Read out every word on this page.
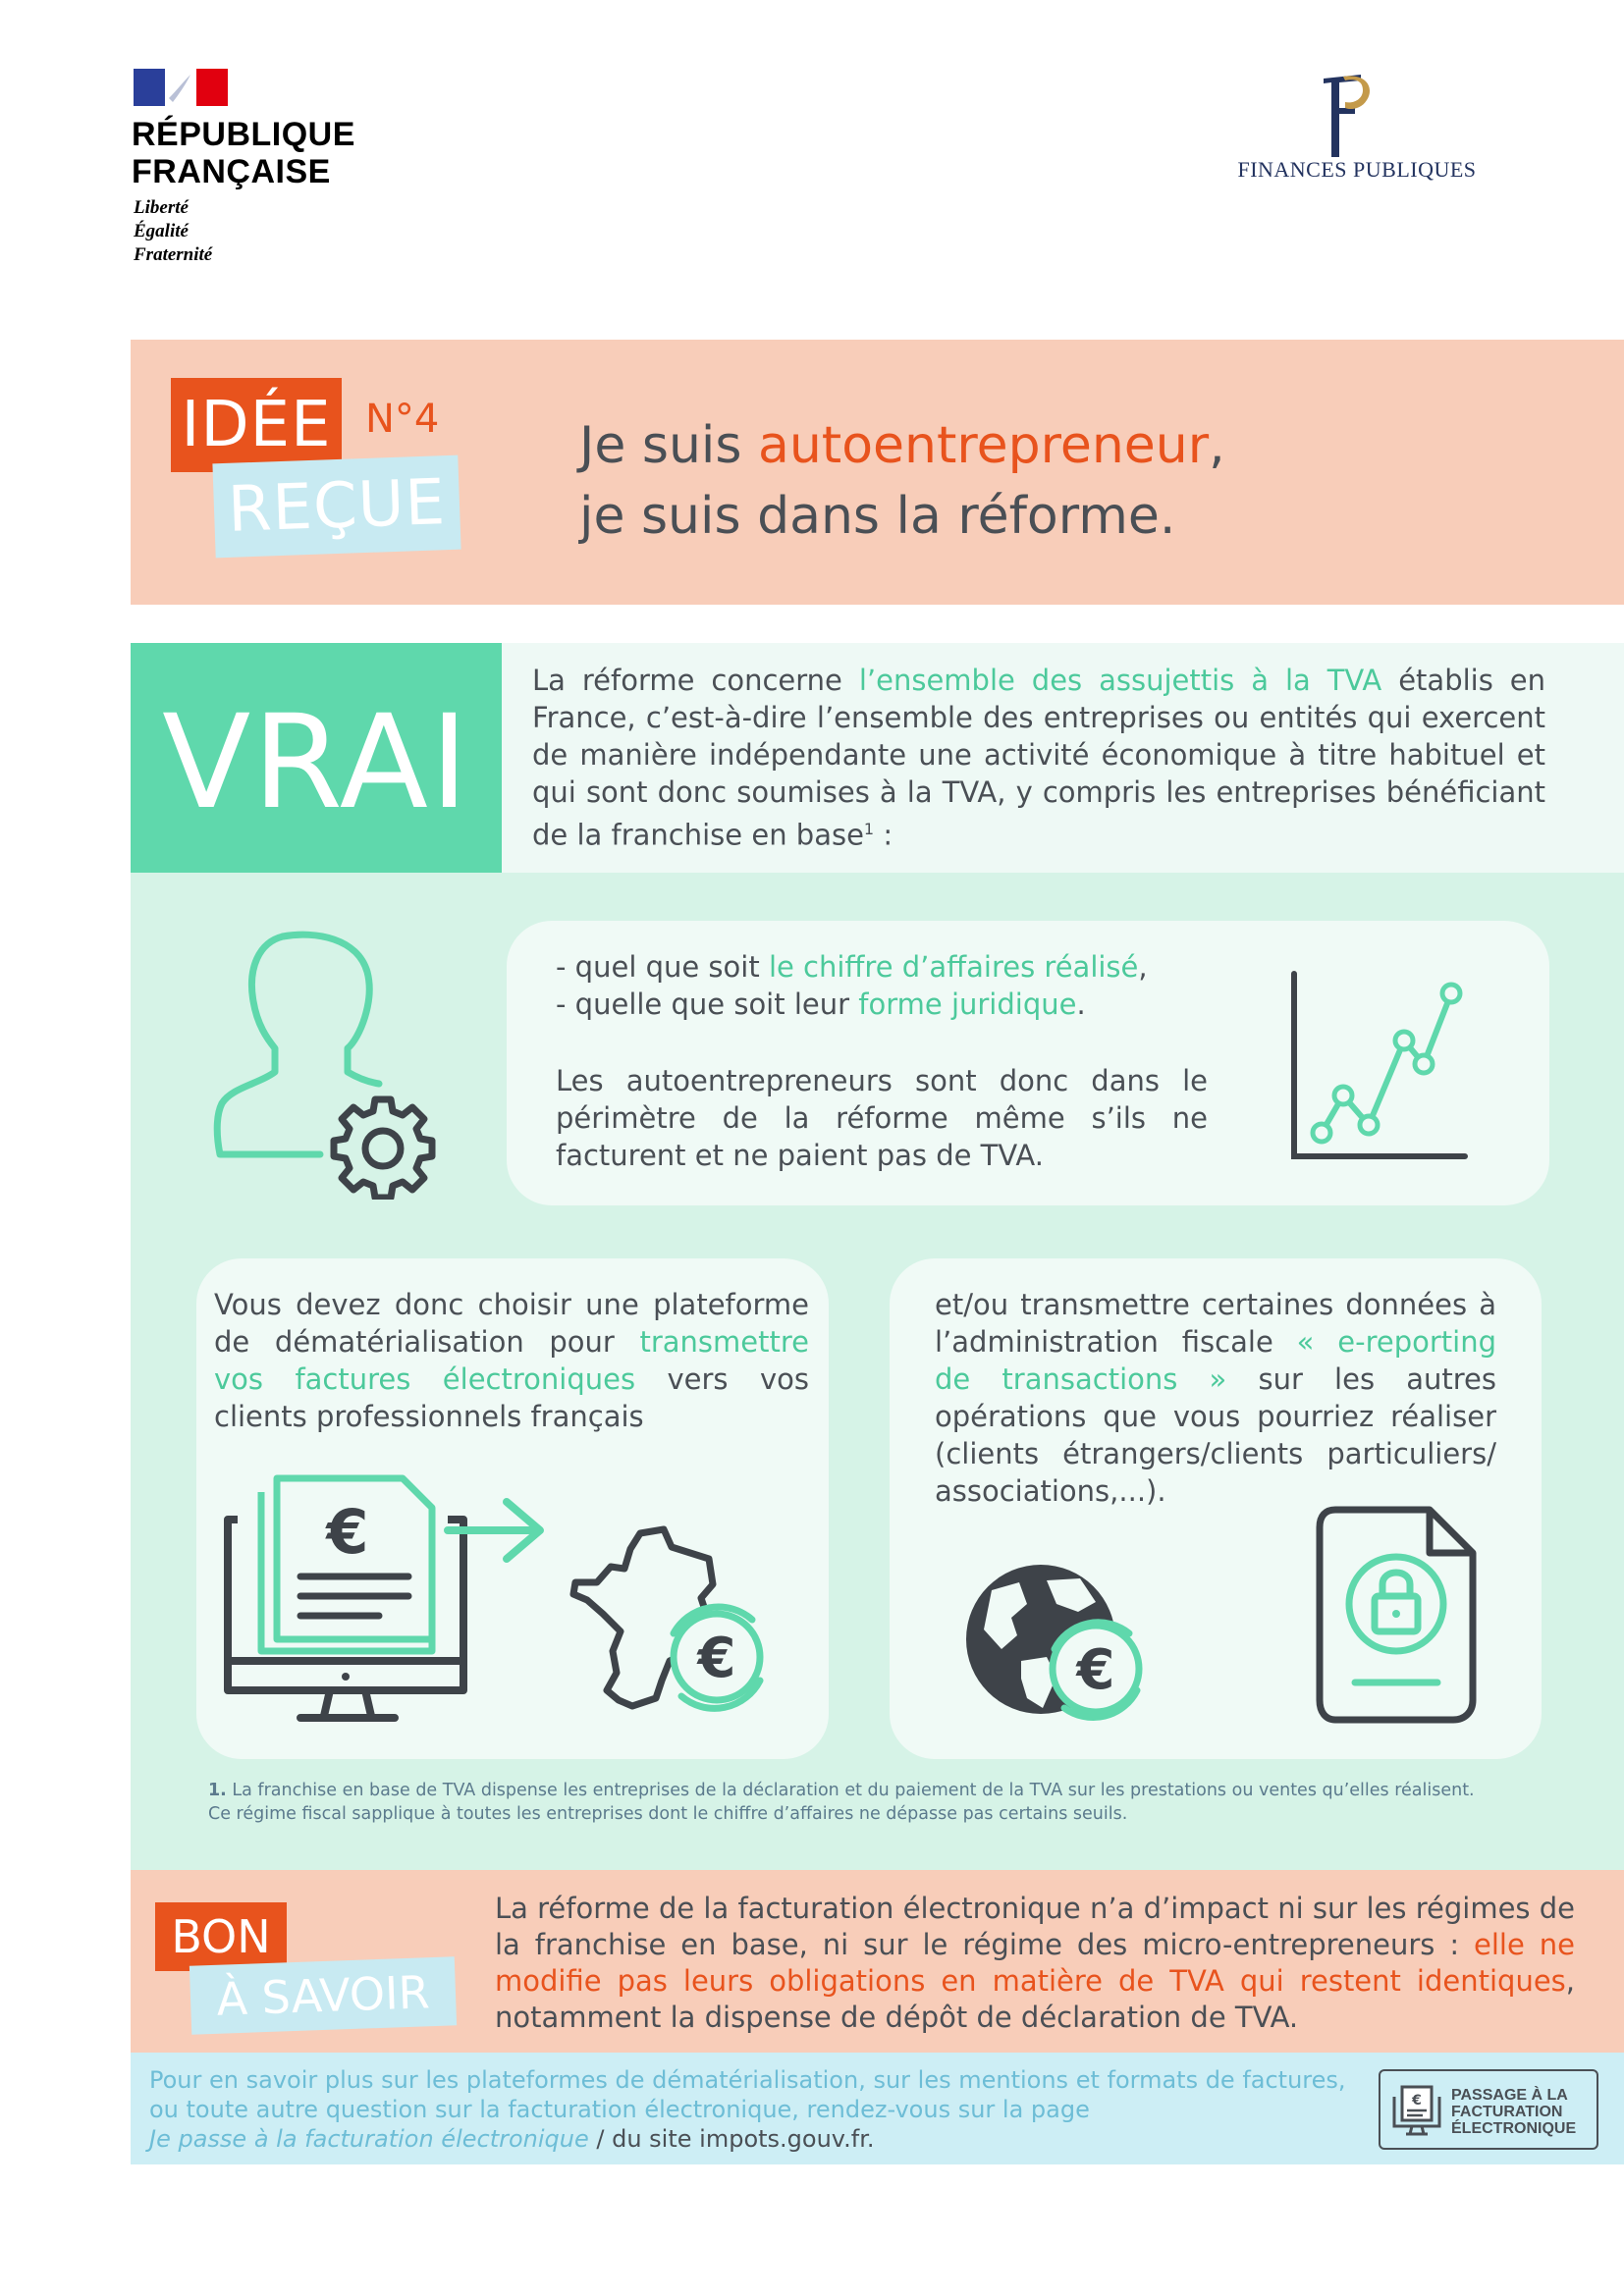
RÉPUBLIQUE
FRANÇAISE
Liberté
Égalité
Fraternité
FINANCES PUBLIQUES
IDÉE N°4
REÇUE
Je suis autoentrepreneur,
je suis dans la réforme.
VRAI
La réforme concerne l’ensemble des assujettis à la TVA établis en France, c’est-à-dire l’ensemble des entreprises ou entités qui exercent de manière indépendante une activité économique à titre habituel et qui sont donc soumises à la TVA, y compris les entreprises bénéficiant de la franchise en base$^1$ :
- quel que soit le chiffre d’affaires réalisé,
- quelle que soit leur forme juridique.
Les autoentrepreneurs sont donc dans le périmètre de la réforme même s’ils ne facturent et ne paient pas de TVA.
Vous devez donc choisir une plateforme de dématérialisation pour transmettre vos factures électroniques vers vos clients professionnels français
€
€
et/ou transmettre certaines données à l’administration fiscale « e-reporting de transactions » sur les autres opérations que vous pourriez réaliser (clients étrangers/clients particuliers/ associations,...).
€
1. La franchise en base de TVA dispense les entreprises de la déclaration et du paiement de la TVA sur les prestations ou ventes qu’elles réalisent.
Ce régime fiscal sapplique à toutes les entreprises dont le chiffre d’affaires ne dépasse pas certains seuils.
BON
À SAVOIR
La réforme de la facturation électronique n’a d’impact ni sur les régimes de la franchise en base, ni sur le régime des micro-entrepreneurs : elle ne modifie pas leurs obligations en matière de TVA qui restent identiques, notamment la dispense de dépôt de déclaration de TVA.
Pour en savoir plus sur les plateformes de dématérialisation, sur les mentions et formats de factures,
ou toute autre question sur la facturation électronique, rendez-vous sur la page
Je passe à la facturation électronique / du site impots.gouv.fr.
€ PASSAGE À LA
FACTURATION
ÉLECTRONIQUE
